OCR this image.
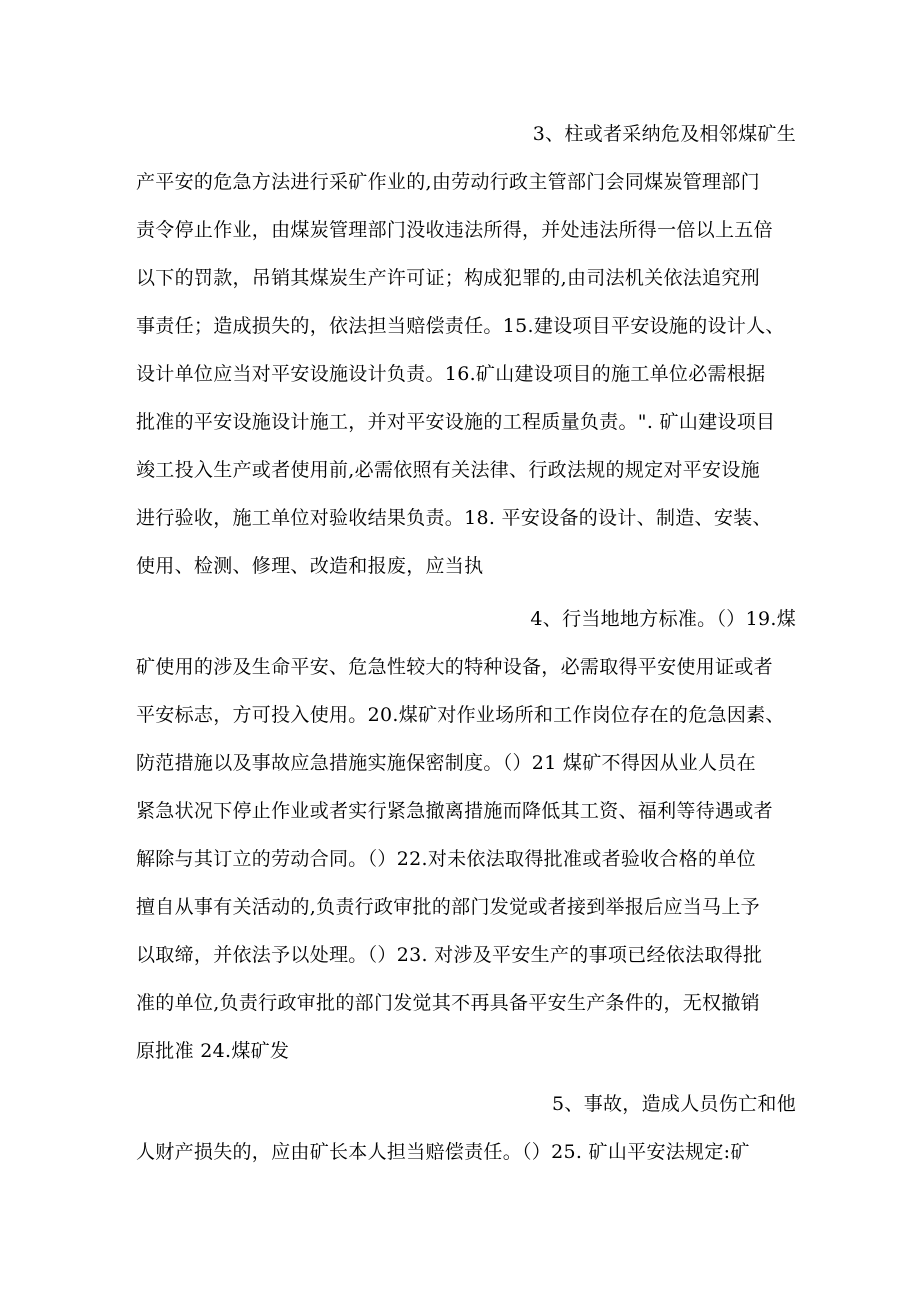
3、柱或者采纳危及相邻煤矿生
产平安的危急方法进行采矿作业的,由劳动行政主管部门会同煤炭管理部门
责令停止作业，由煤炭管理部门没收违法所得，并处违法所得一倍以上五倍
以下的罚款，吊销其煤炭生产许可证；构成犯罪的,由司法机关依法追究刑
事责任；造成损失的，依法担当赔偿责任。15.建设项目平安设施的设计人、
设计单位应当对平安设施设计负责。16.矿山建设项目的施工单位必需根据
批准的平安设施设计施工，并对平安设施的工程质量负责。". 矿山建设项目
竣工投入生产或者使用前,必需依照有关法律、行政法规的规定对平安设施
进行验收，施工单位对验收结果负责。18. 平安设备的设计、制造、安装、
使用、检测、修理、改造和报废，应当执
4、行当地地方标准。（）19.煤
矿使用的涉及生命平安、危急性较大的特种设备，必需取得平安使用证或者
平安标志，方可投入使用。20.煤矿对作业场所和工作岗位存在的危急因素、
防范措施以及事故应急措施实施保密制度。（）21 煤矿不得因从业人员在
紧急状况下停止作业或者实行紧急撤离措施而降低其工资、福利等待遇或者
解除与其订立的劳动合同。（）22.对未依法取得批准或者验收合格的单位
擅自从事有关活动的,负责行政审批的部门发觉或者接到举报后应当马上予
以取缔，并依法予以处理。（）23. 对涉及平安生产的事项已经依法取得批
准的单位,负责行政审批的部门发觉其不再具备平安生产条件的，无权撤销
原批准 24.煤矿发
5、事故，造成人员伤亡和他
人财产损失的，应由矿长本人担当赔偿责任。（）25. 矿山平安法规定:矿
